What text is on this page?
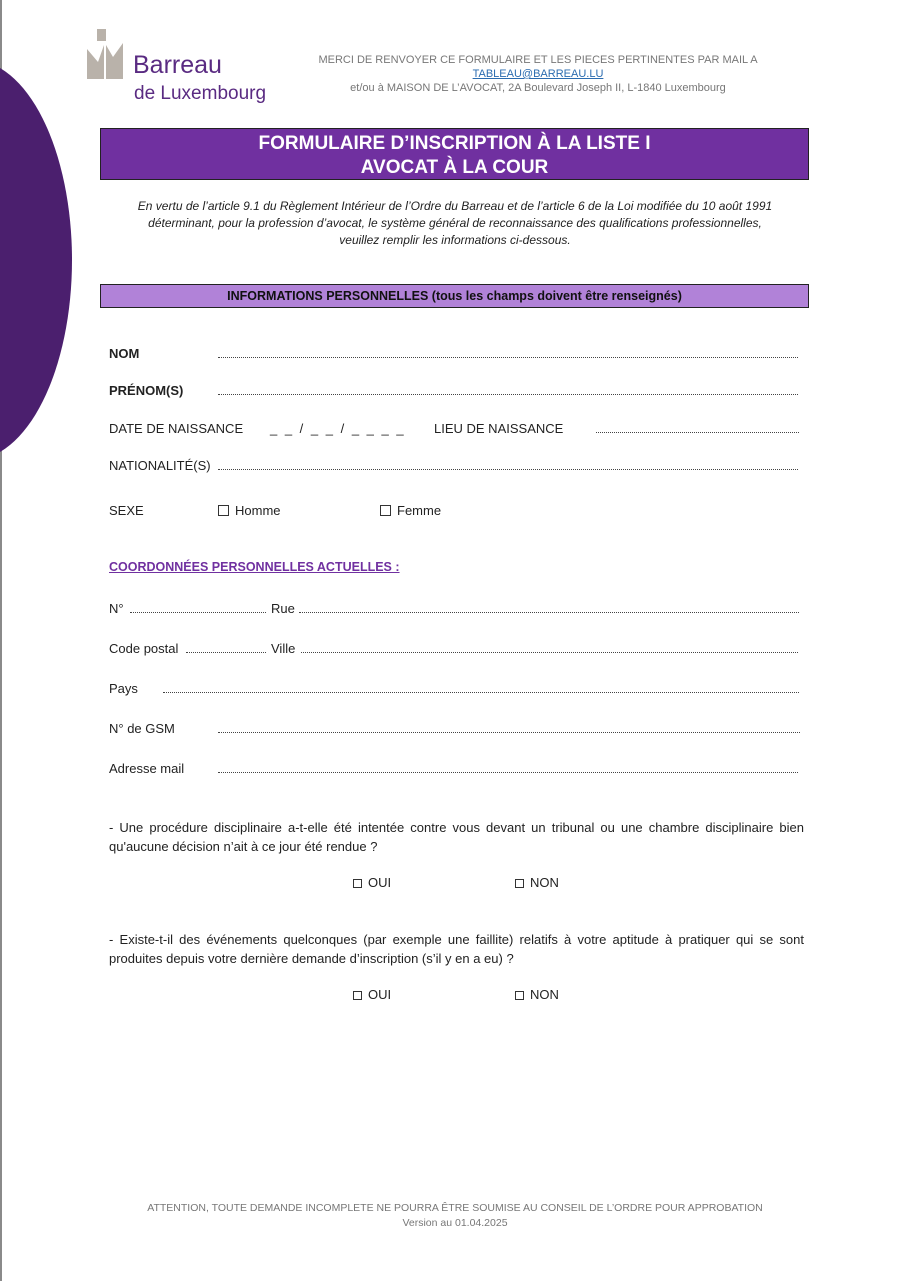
Barreau
de Luxembourg
MERCI DE RENVOYER CE FORMULAIRE ET LES PIECES PERTINENTES PAR MAIL A TABLEAU@BARREAU.LU
et/ou à MAISON DE L’AVOCAT, 2A Boulevard Joseph II, L-1840 Luxembourg
FORMULAIRE D’INSCRIPTION À LA LISTE I
AVOCAT À LA COUR
En vertu de l’article 9.1 du Règlement Intérieur de l’Ordre du Barreau et de l’article 6 de la Loi modifiée du 10 août 1991
déterminant, pour la profession d’avocat, le système général de reconnaissance des qualifications professionnelles,
veuillez remplir les informations ci-dessous.
INFORMATIONS PERSONNELLES (tous les champs doivent être renseignés)
NOM
PRÉNOM(S)
DATE DE NAISSANCE _ _ / _ _ / _ _ _ _ LIEU DE NAISSANCE
NATIONALITÉ(S)
SEXE	Homme	Femme
COORDONNÉES PERSONNELLES ACTUELLES :
N°	Rue
Code postal	Ville
Pays
N° de GSM
Adresse mail
- Une procédure disciplinaire a-t-elle été intentée contre vous devant un tribunal ou une chambre disciplinaire bien qu'aucune décision n’ait à ce jour été rendue ?
OUI	NON
- Existe-t-il des événements quelconques (par exemple une faillite) relatifs à votre aptitude à pratiquer qui se sont produites depuis votre dernière demande d’inscription (s’il y en a eu) ?
OUI	NON
ATTENTION, TOUTE DEMANDE INCOMPLETE NE POURRA ÊTRE SOUMISE AU CONSEIL DE L’ORDRE POUR APPROBATION
Version au 01.04.2025
